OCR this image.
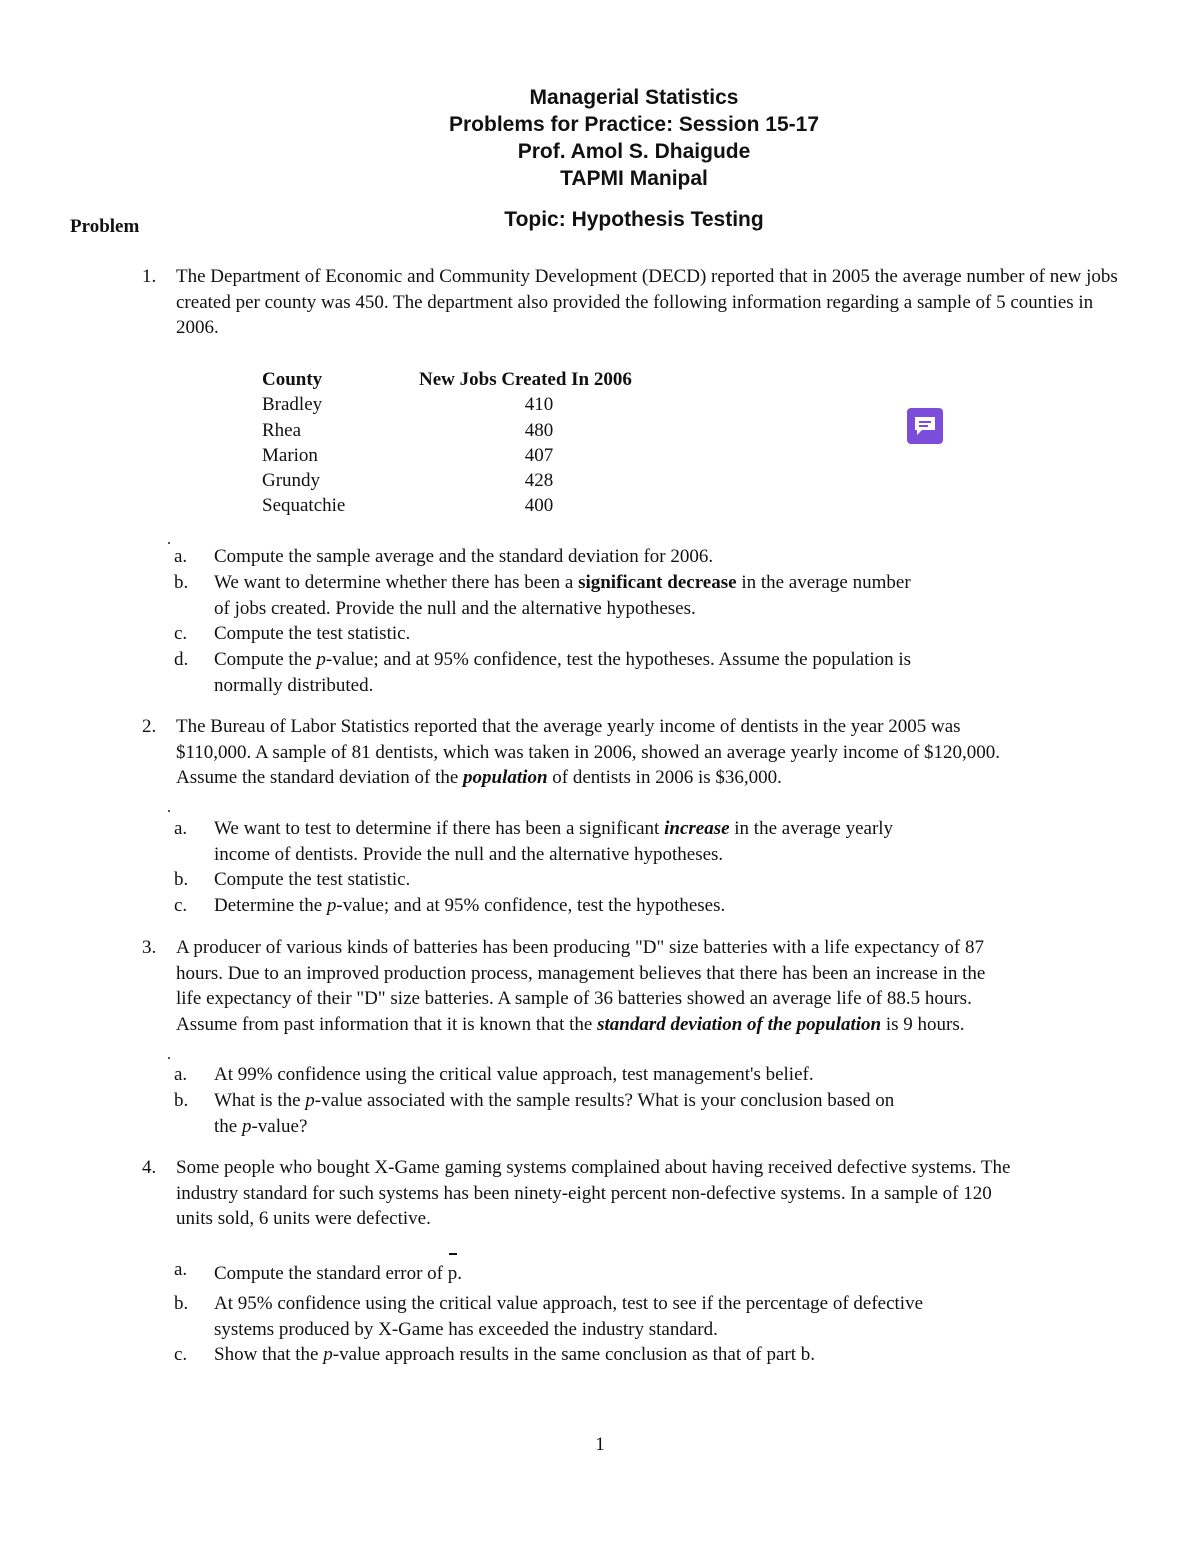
Managerial Statistics
Problems for Practice: Session 15-17
Prof. Amol S. Dhaigude
TAPMI Manipal
Topic: Hypothesis Testing
Problem
1. The Department of Economic and Community Development (DECD) reported that in 2005 the average number of new jobs created per county was 450. The department also provided the following information regarding a sample of 5 counties in 2006.
County	New Jobs Created In 2006
Bradley	410
Rhea	480
Marion	407
Grundy	428
Sequatchie	400
a. Compute the sample average and the standard deviation for 2006.
b. We want to determine whether there has been a significant decrease in the average number
of jobs created. Provide the null and the alternative hypotheses.
c. Compute the test statistic.
d. Compute the p-value; and at 95% confidence, test the hypotheses. Assume the population is
normally distributed.
2. The Bureau of Labor Statistics reported that the average yearly income of dentists in the year 2005 was
$110,000. A sample of 81 dentists, which was taken in 2006, showed an average yearly income of $120,000.
Assume the standard deviation of the population of dentists in 2006 is $36,000.
a. We want to test to determine if there has been a significant increase in the average yearly
income of dentists. Provide the null and the alternative hypotheses.
b. Compute the test statistic.
c. Determine the p-value; and at 95% confidence, test the hypotheses.
3. A producer of various kinds of batteries has been producing "D" size batteries with a life expectancy of 87
hours. Due to an improved production process, management believes that there has been an increase in the
life expectancy of their "D" size batteries. A sample of 36 batteries showed an average life of 88.5 hours.
Assume from past information that it is known that the standard deviation of the population is 9 hours.
a. At 99% confidence using the critical value approach, test management's belief.
b. What is the p-value associated with the sample results? What is your conclusion based on
the p-value?
4. Some people who bought X-Game gaming systems complained about having received defective systems. The
industry standard for such systems has been ninety-eight percent non-defective systems. In a sample of 120
units sold, 6 units were defective.
a. Compute the standard error of p.
b. At 95% confidence using the critical value approach, test to see if the percentage of defective
systems produced by X-Game has exceeded the industry standard.
c. Show that the p-value approach results in the same conclusion as that of part b.
1
